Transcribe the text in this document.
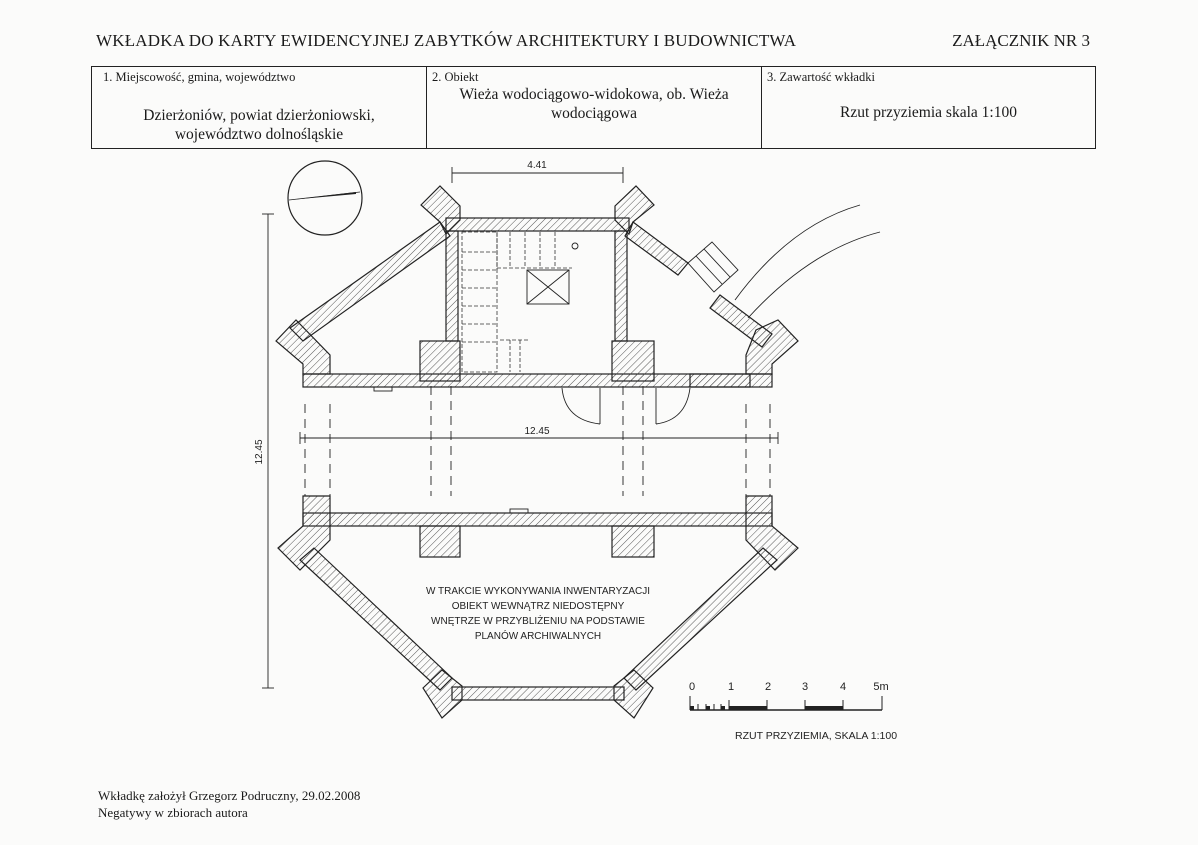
WKŁADKA DO KARTY EWIDENCYJNEJ ZABYTKÓW ARCHITEKTURY I BUDOWNICTWA	ZAŁĄCZNIK NR 3
1. Miejscowość, gmina, województwo
Dzierżoniów, powiat dzierżoniowski,
województwo dolnośląskie
2. Obiekt
Wieża wodociągowo-widokowa, ob. Wieża
wodociągowa
3. Zawartość wkładki
Rzut przyziemia skala 1:100
4.41
12.45
12.45
W TRAKCIE WYKONYWANIA INWENTARYZACJI
OBIEKT WEWNĄTRZ NIEDOSTĘPNY
WNĘTRZE W PRZYBLIŻENIU NA PODSTAWIE
PLANÓW ARCHIWALNYCH
0	1	2	3	4 5m
RZUT PRZYZIEMIA, SKALA 1:100
Wkładkę założył Grzegorz Podruczny, 29.02.2008
Negatywy w zbiorach autora
